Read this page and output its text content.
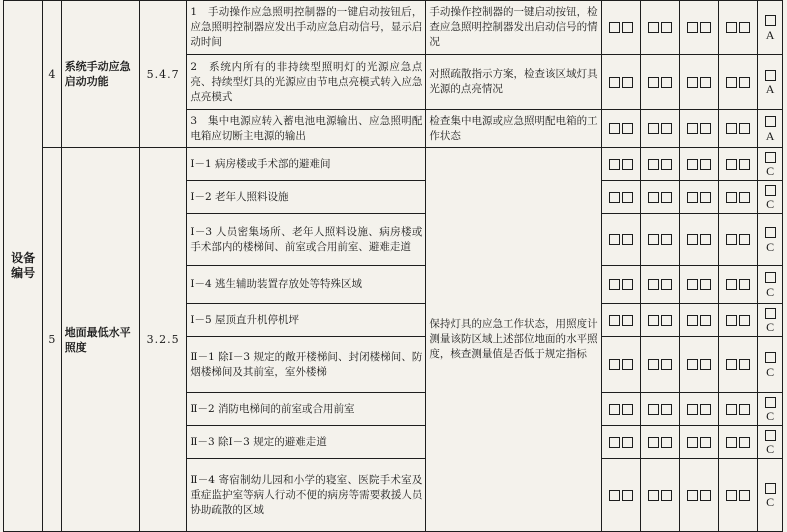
设备
编号	4	系统手动应急启动功能	5.4.7	1　手动操作应急照明控制器的一键启动按钮后，应急照明控制器应发出手动应急启动信号，显示启动时间	手动操作控制器的一键启动按钮，检查应急照明控制器发出启动信号的情况					A
				2　系统内所有的非持续型照明灯的光源应急点亮、持续型灯具的光源应由节电点亮模式转入应急点亮模式	对照疏散指示方案，检查该区域灯具光源的点亮情况					A
				3　集中电源应转入蓄电池电源输出、应急照明配电箱应切断主电源的输出	检查集中电源或应急照明配电箱的工作状态					A
	5	地面最低水平照度	3.2.5	Ⅰ－1 病房楼或手术部的避难间	保持灯具的应急工作状态，用照度计测量该防区域上述部位地面的水平照度，核查测量值是否低于规定指标					C
				Ⅰ－2 老年人照料设施						C
				Ⅰ－3 人员密集场所、老年人照料设施、病房楼或手术部内的楼梯间、前室或合用前室、避难走道						C
				Ⅰ－4 逃生辅助装置存放处等特殊区域						C
				Ⅰ－5 屋顶直升机停机坪						C
				Ⅱ－1 除Ⅰ－3 规定的敞开楼梯间、封闭楼梯间、防烟楼梯间及其前室，室外楼梯						C
				Ⅱ－2 消防电梯间的前室或合用前室						C
				Ⅱ－3 除Ⅰ－3 规定的避难走道						C
				Ⅱ－4 寄宿制幼儿园和小学的寝室、医院手术室及重症监护室等病人行动不便的病房等需要救援人员协助疏散的区域						C
